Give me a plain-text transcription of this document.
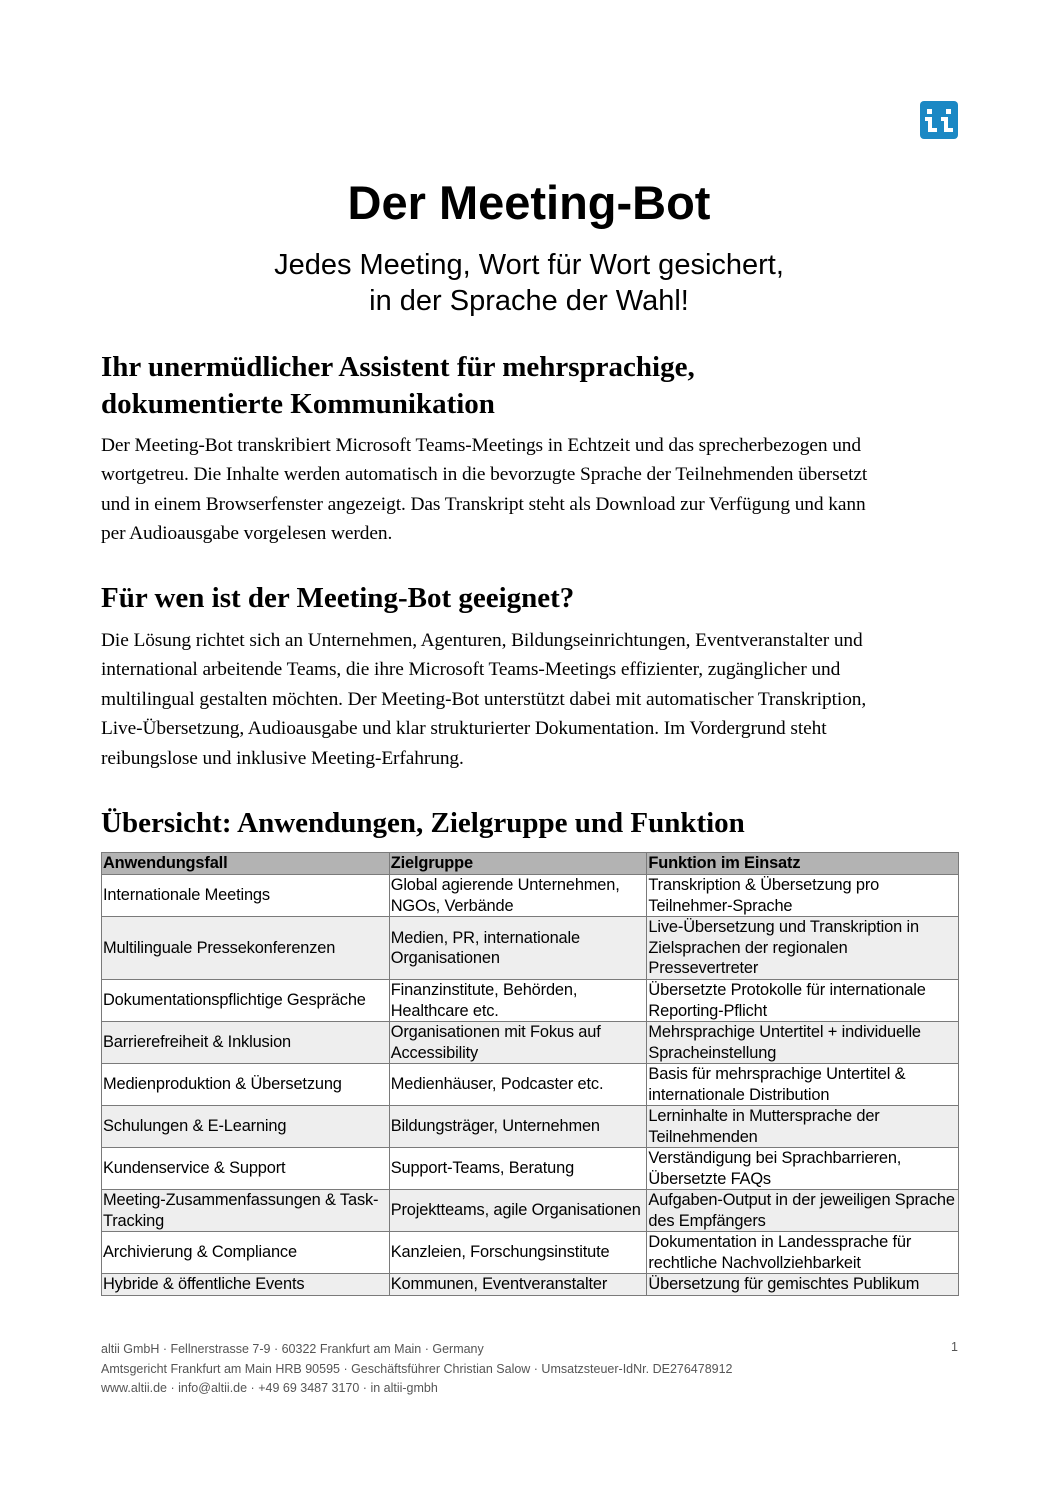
Der Meeting-Bot
Jedes Meeting, Wort für Wort gesichert,
in der Sprache der Wahl!
Ihr unermüdlicher Assistent für mehrsprachige,
dokumentierte Kommunikation
Der Meeting-Bot transkribiert Microsoft Teams-Meetings in Echtzeit und das sprecherbezogen und
wortgetreu. Die Inhalte werden automatisch in die bevorzugte Sprache der Teilnehmenden übersetzt
und in einem Browserfenster angezeigt. Das Transkript steht als Download zur Verfügung und kann
per Audioausgabe vorgelesen werden.
Für wen ist der Meeting-Bot geeignet?
Die Lösung richtet sich an Unternehmen, Agenturen, Bildungseinrichtungen, Eventveranstalter und
international arbeitende Teams, die ihre Microsoft Teams-Meetings effizienter, zugänglicher und
multilingual gestalten möchten. Der Meeting-Bot unterstützt dabei mit automatischer Transkription,
Live-Übersetzung, Audioausgabe und klar strukturierter Dokumentation. Im Vordergrund steht
reibungslose und inklusive Meeting-Erfahrung.
Übersicht: Anwendungen, Zielgruppe und Funktion
Anwendungsfall	Zielgruppe	Funktion im Einsatz
Internationale Meetings	Global agierende Unternehmen, NGOs, Verbände	Transkription & Übersetzung pro Teilnehmer-Sprache
Multilinguale Pressekonferenzen	Medien, PR, internationale Organisationen	Live-Übersetzung und Transkription in Zielsprachen der regionalen Pressevertreter
Dokumentationspflichtige Gespräche	Finanzinstitute, Behörden, Healthcare etc.	Übersetzte Protokolle für internationale Reporting-Pflicht
Barrierefreiheit & Inklusion	Organisationen mit Fokus auf Accessibility	Mehrsprachige Untertitel + individuelle Spracheinstellung
Medienproduktion & Übersetzung	Medienhäuser, Podcaster etc.	Basis für mehrsprachige Untertitel & internationale Distribution
Schulungen & E-Learning	Bildungsträger, Unternehmen	Lerninhalte in Muttersprache der Teilnehmenden
Kundenservice & Support	Support-Teams, Beratung	Verständigung bei Sprachbarrieren, Übersetzte FAQs
Meeting-Zusammenfassungen & Task-Tracking	Projektteams, agile Organisationen	Aufgaben-Output in der jeweiligen Sprache des Empfängers
Archivierung & Compliance	Kanzleien, Forschungsinstitute	Dokumentation in Landessprache für rechtliche Nachvollziehbarkeit
Hybride & öffentliche Events	Kommunen, Eventveranstalter	Übersetzung für gemischtes Publikum
altii GmbH · Fellnerstrasse 7-9 · 60322 Frankfurt am Main · Germany
Amtsgericht Frankfurt am Main HRB 90595 · Geschäftsführer Christian Salow · Umsatzsteuer-IdNr. DE276478912
www.altii.de · info@altii.de · +49 69 3487 3170 · in altii-gmbh
1
